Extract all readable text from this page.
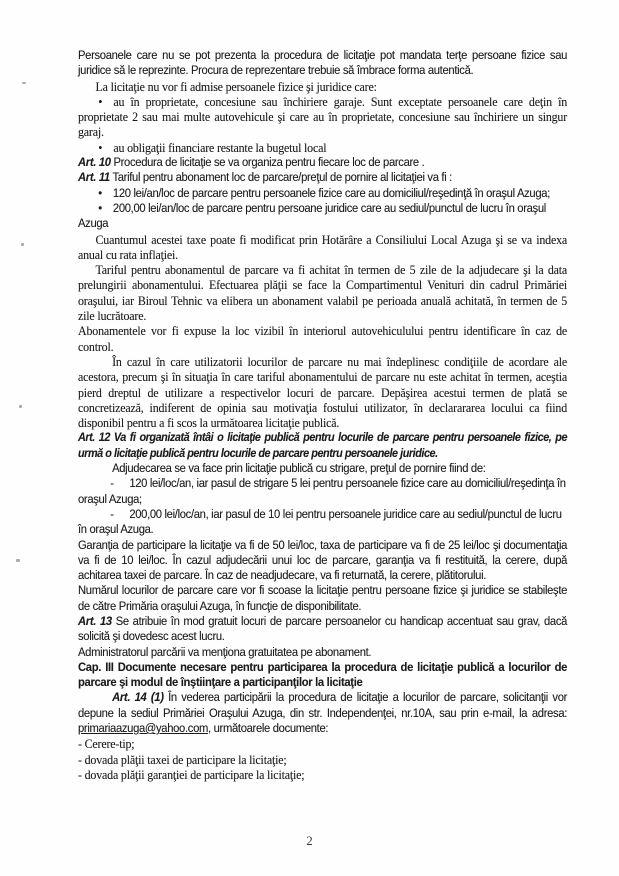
Persoanele care nu se pot prezenta la procedura de licitaţie pot mandata terţe persoane fizice sau juridice să le reprezinte. Procura de reprezentare trebuie să îmbrace forma autentică.

La licitaţie nu vor fi admise persoanele fizice şi juridice care:

• au în proprietate, concesiune sau închiriere garaje. Sunt exceptate persoanele care deţin în proprietate 2 sau mai multe autovehicule şi care au în proprietate, concesiune sau închiriere un singur garaj.

• au obligaţii financiare restante la bugetul local

Art. 10 Procedura de licitaţie se va organiza pentru fiecare loc de parcare .

Art. 11 Tariful pentru abonament loc de parcare/preţul de pornire al licitaţiei va fi :

• 120 lei/an/loc de parcare pentru persoanele fizice care au domiciliul/reşedinţă în oraşul Azuga;

• 200,00 lei/an/loc de parcare pentru persoane juridice care au sediul/punctul de lucru în oraşul Azuga

Cuantumul acestei taxe poate fi modificat prin Hotărâre a Consiliului Local Azuga şi se va indexa anual cu rata inflaţiei.

Tariful pentru abonamentul de parcare va fi achitat în termen de 5 zile de la adjudecare şi la data prelungirii abonamentului. Efectuarea plăţii se face la Compartimentul Venituri din cadrul Primăriei oraşului, iar Biroul Tehnic va elibera un abonament valabil pe perioada anuală achitată, în termen de 5 zile lucrătoare.

Abonamentele vor fi expuse la loc vizibil în interiorul autovehiculului pentru identificare în caz de control.

În cazul în care utilizatorii locurilor de parcare nu mai îndeplinesc condiţiile de acordare ale acestora, precum şi în situaţia în care tariful abonamentului de parcare nu este achitat în termen, aceştia pierd dreptul de utilizare a respectivelor locuri de parcare. Depăşirea acestui termen de plată se concretizează, indiferent de opinia sau motivaţia fostului utilizator, în declarararea locului ca fiind disponibil pentru a fi scos la următoarea licitaţie publică.

Art. 12 Va fi organizată întâi o licitaţie publică pentru locurile de parcare pentru persoanele fizice, pe urmă o licitaţie publică pentru locurile de parcare pentru persoanele juridice.

Adjudecarea se va face prin licitaţie publică cu strigare, preţul de pornire fiind de:

- 120 lei/loc/an, iar pasul de strigare 5 lei pentru persoanele fizice care au domiciliul/reşedinţa în oraşul Azuga;

- 200,00 lei/loc/an, iar pasul de 10 lei pentru persoanele juridice care au sediul/punctul de lucru în oraşul Azuga.

Garanţia de participare la licitaţie va fi de 50 lei/loc, taxa de participare va fi de 25 lei/loc şi documentaţia va fi de 10 lei/loc. În cazul adjudecării unui loc de parcare, garanţia va fi restituită, la cerere, după achitarea taxei de parcare. În caz de neadjudecare, va fi returnată, la cerere, plătitorului.

Numărul locurilor de parcare care vor fi scoase la licitaţie pentru persoane fizice şi juridice se stabileşte de către Primăria oraşului Azuga, în funcţie de disponibilitate.

Art. 13 Se atribuie în mod gratuit locuri de parcare persoanelor cu handicap accentuat sau grav, dacă solicită şi dovedesc acest lucru.

Administratorul parcării va menţiona gratuitatea pe abonament.

Cap. III Documente necesare pentru participarea la procedura de licitaţie publică a locurilor de parcare şi modul de înştiinţare a participanţilor la licitaţie

Art. 14 (1) În vederea participării la procedura de licitaţie a locurilor de parcare, solicitanţii vor depune la sediul Primăriei Oraşului Azuga, din str. Independenţei, nr.10A, sau prin e-mail, la adresa: primariaazuga@yahoo.com, următoarele documente:

- Cerere-tip;

- dovada plăţii taxei de participare la licitaţie;

- dovada plăţii garanţiei de participare la licitaţie;

2
